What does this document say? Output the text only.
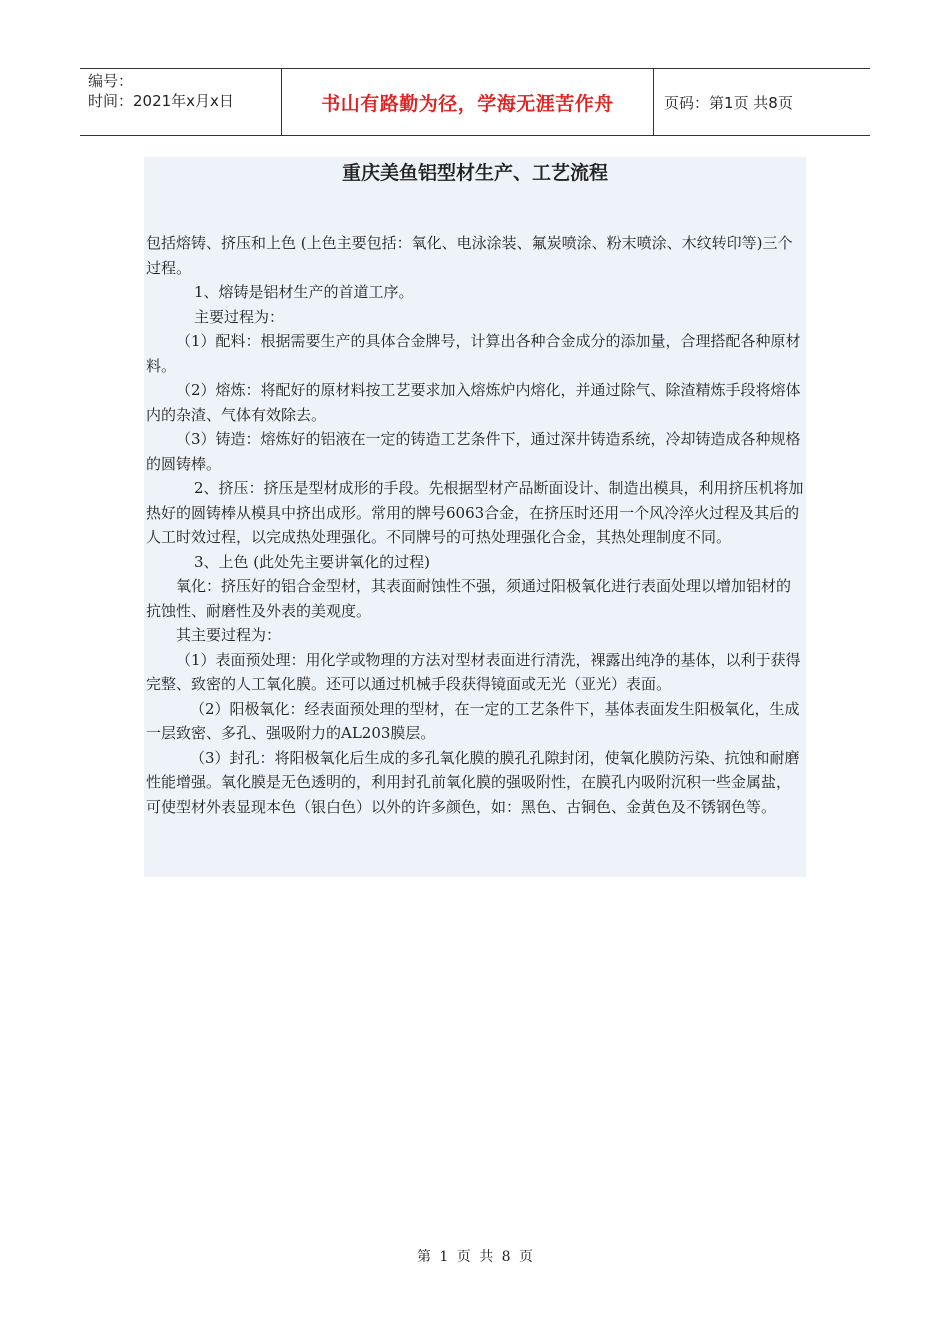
编号：
时间：2021年x月x日	书山有路勤为径，学海无涯苦作舟	页码：第1页 共8页
重庆美鱼铝型材生产、工艺流程

包括熔铸、挤压和上色 (上色主要包括：氧化、电泳涂装、氟炭喷涂、粉末喷涂、木纹转印等)三个过程。

1、熔铸是铝材生产的首道工序。

主要过程为：

（1）配料：根据需要生产的具体合金牌号，计算出各种合金成分的添加量，合理搭配各种原材料。

（2）熔炼：将配好的原材料按工艺要求加入熔炼炉内熔化，并通过除气、除渣精炼手段将熔体内的杂渣、气体有效除去。

（3）铸造：熔炼好的铝液在一定的铸造工艺条件下，通过深井铸造系统，冷却铸造成各种规格的圆铸棒。

2、挤压：挤压是型材成形的手段。先根据型材产品断面设计、制造出模具，利用挤压机将加热好的圆铸棒从模具中挤出成形。常用的牌号6063合金，在挤压时还用一个风冷淬火过程及其后的人工时效过程，以完成热处理强化。不同牌号的可热处理强化合金，其热处理制度不同。

3、上色 (此处先主要讲氧化的过程)

氧化：挤压好的铝合金型材，其表面耐蚀性不强，须通过阳极氧化进行表面处理以增加铝材的抗蚀性、耐磨性及外表的美观度。

其主要过程为：

（1）表面预处理：用化学或物理的方法对型材表面进行清洗，裸露出纯净的基体，以利于获得完整、致密的人工氧化膜。还可以通过机械手段获得镜面或无光（亚光）表面。

（2）阳极氧化：经表面预处理的型材，在一定的工艺条件下，基体表面发生阳极氧化，生成一层致密、多孔、强吸附力的AL203膜层。

（3）封孔：将阳极氧化后生成的多孔氧化膜的膜孔孔隙封闭，使氧化膜防污染、抗蚀和耐磨性能增强。氧化膜是无色透明的，利用封孔前氧化膜的强吸附性，在膜孔内吸附沉积一些金属盐，可使型材外表显现本色（银白色）以外的许多颜色，如：黑色、古铜色、金黄色及不锈钢色等。

第 1 页 共 8 页
